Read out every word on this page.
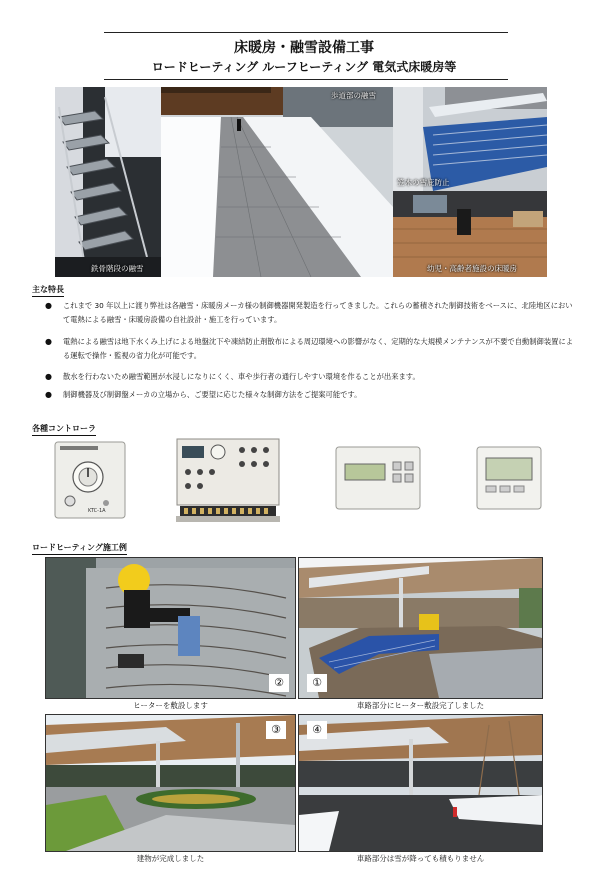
床暖房・融雪設備工事
ロードヒーティング ルーフヒーティング 電気式床暖房等
鉄骨階段の融雪
歩道部の融雪
笠木の雪庇防止
幼児・高齢者施設の床暖房
主な特長
● これまで 30 年以上に渡り弊社は各融雪・床暖房メーカ様の制御機器開発製造を行ってきました。これらの蓄積された制御技術をベースに、北陸地区において電熱による融雪・床暖房設備の自社設計・施工を行っています。
● 電熱による融雪は地下水くみ上げによる地盤沈下や凍結防止剤散布による周辺環境への影響がなく、定期的な大規模メンテナンスが不要で自動制御装置による運転で操作・監視の省力化が可能です。
● 散水を行わないため融雪範囲が水浸しになりにくく、車や歩行者の通行しやすい環境を作ることが出来ます。
● 制御機器及び制御盤メーカの立場から、ご要望に応じた様々な制御方法をご提案可能です。
各種コントローラ
KTC-1A
ロードヒーティング施工例
②
ヒーターを敷設します
①
車路部分にヒーター敷設完了しました
③
建物が完成しました
④
車路部分は雪が降っても積もりません
